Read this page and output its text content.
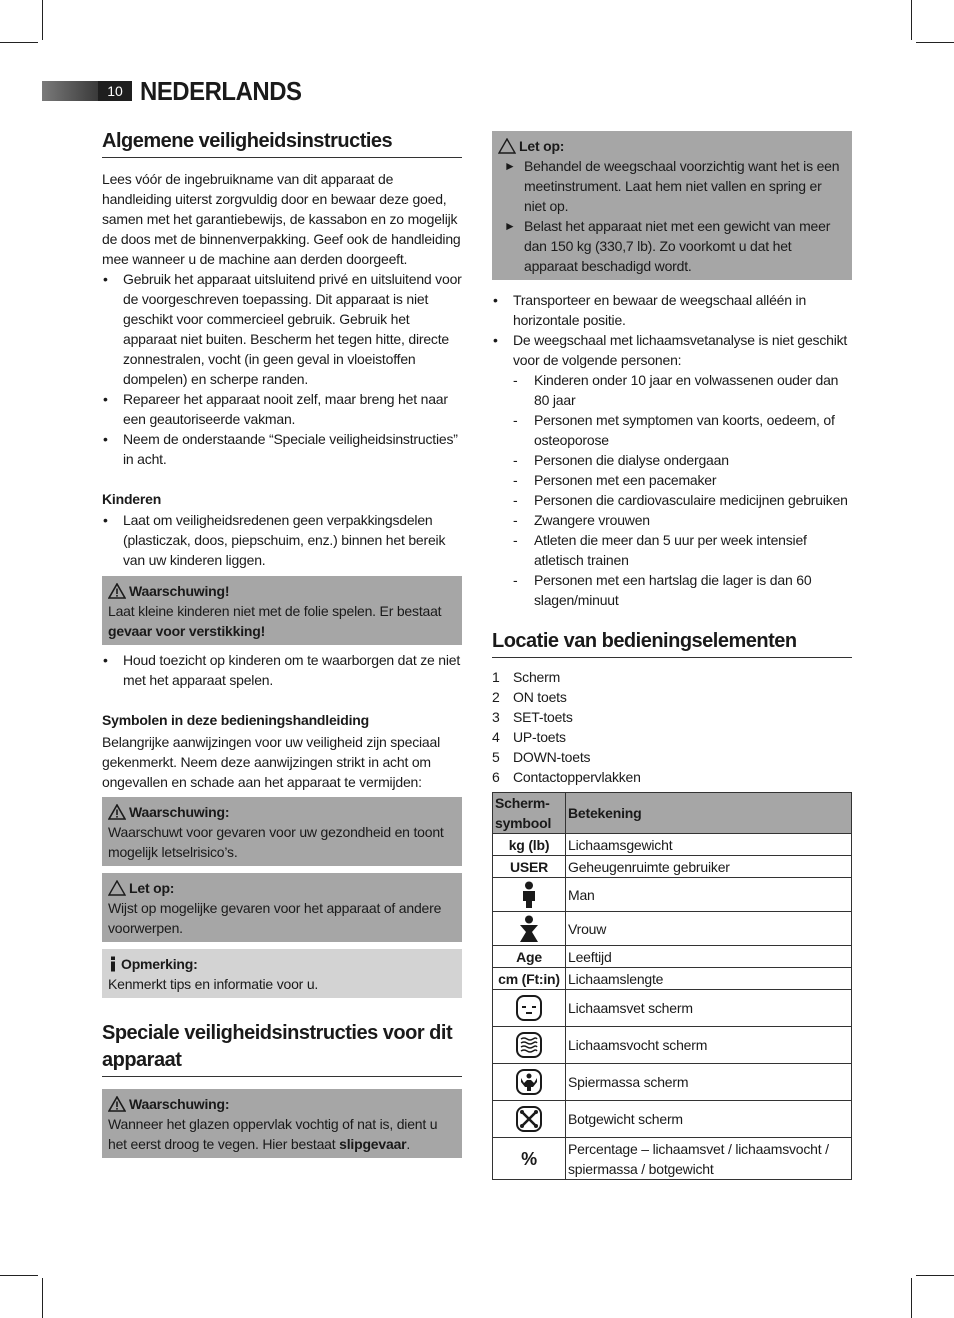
10 NEDERLANDS
Algemene veiligheidsinstructies

Lees vóór de ingebruikname van dit apparaat de handleiding uiterst zorgvuldig door en bewaar deze goed, samen met het garantiebewijs, de kassabon en zo mogelijk de doos met de binnenverpakking. Geef ook de handleiding mee wanneer u de machine aan derden doorgeeft.

• Gebruik het apparaat uitsluitend privé en uitsluitend voor de voorgeschreven toepassing. Dit apparaat is niet geschikt voor commercieel gebruik. Gebruik het apparaat niet buiten. Bescherm het tegen hitte, directe zonnestralen, vocht (in geen geval in vloeistoffen dompelen) en scherpe randen.
• Repareer het apparaat nooit zelf, maar breng het naar een geautoriseerde vakman.
• Neem de onderstaande “Speciale veiligheidsinstructies” in acht.
Kinderen
• Laat om veiligheidsredenen geen verpakkingsdelen (plasticzak, doos, piepschuim, enz.) binnen het bereik van uw kinderen liggen.
Waarschuwing!
Laat kleine kinderen niet met de folie spelen. Er bestaat
gevaar voor verstikking!
• Houd toezicht op kinderen om te waarborgen dat ze niet met het apparaat spelen.
Symbolen in deze bedieningshandleiding

Belangrijke aanwijzingen voor uw veiligheid zijn speciaal gekenmerkt. Neem deze aanwijzingen strikt in acht om ongevallen en schade aan het apparaat te vermijden:

Waarschuwing:
Waarschuwt voor gevaren voor uw gezondheid en toont mogelijk letselrisico’s.
Let op:
Wijst op mogelijke gevaren voor het apparaat of andere voorwerpen.
Opmerking:
Kenmerkt tips en informatie voor u.
Speciale veiligheidsinstructies voor dit apparaat
Waarschuwing:
Wanneer het glazen oppervlak vochtig of nat is, dient u het eerst droog te vegen. Hier bestaat slipgevaar.
Let op:
► Behandel de weegschaal voorzichtig want het is een meetinstrument. Laat hem niet vallen en spring er niet op.
► Belast het apparaat niet met een gewicht van meer dan 150 kg (330,7 lb). Zo voorkomt u dat het apparaat beschadigd wordt.
• Transporteer en bewaar de weegschaal alléén in horizontale positie.
• De weegschaal met lichaamsvetanalyse is niet geschikt voor de volgende personen:
- Kinderen onder 10 jaar en volwassenen ouder dan 80 jaar
- Personen met symptomen van koorts, oedeem, of osteoporose
- Personen die dialyse ondergaan
- Personen met een pacemaker
- Personen die cardiovasculaire medicijnen gebruiken
- Zwangere vrouwen
- Atleten die meer dan 5 uur per week intensief atletisch trainen
- Personen met een hartslag die lager is dan 60 slagen/minuut
Locatie van bedieningselementen
1 Scherm
2 ON toets
3 SET-toets
4 UP-toets
5 DOWN-toets
6 Contactoppervlakken
Scherm-symbool	Betekening
kg (lb)	Lichaamsgewicht
USER	Geheugenruimte gebruiker

	Man

	Vrouw
Age	Leeftijd
cm (Ft:in)	Lichaamslengte

	Lichaamsvet scherm

	Lichaamsvocht scherm

	Spiermassa scherm

	Botgewicht scherm
%	Percentage – lichaamsvet / lichaamsvocht / spiermassa / botgewicht
